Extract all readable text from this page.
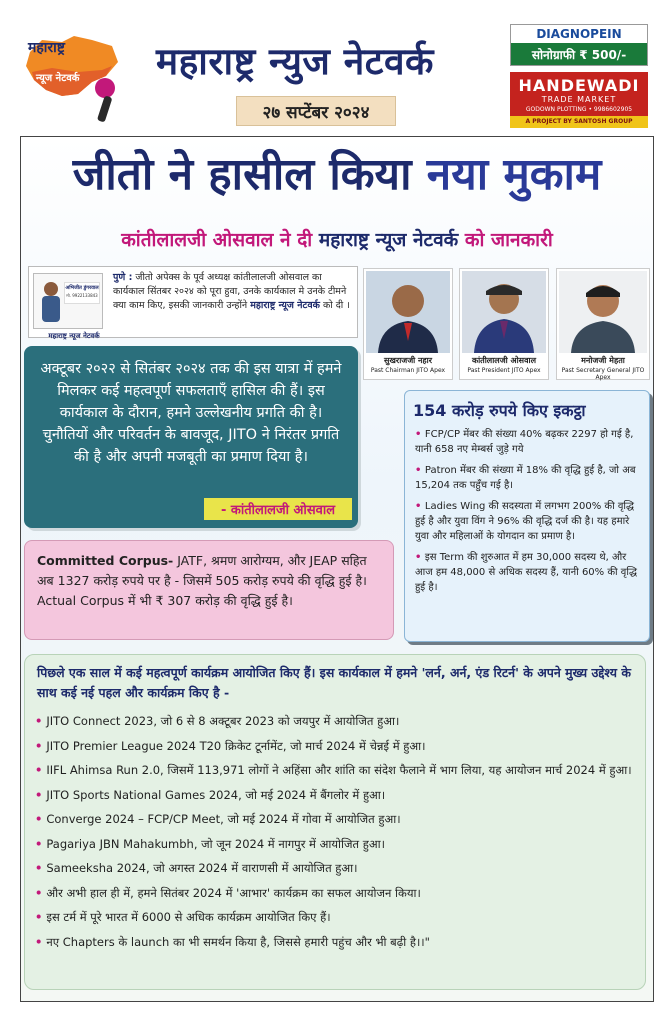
महाराष्ट्र
न्यूज नेटवर्क महाराष्ट्र न्युज नेटवर्क
२७ सप्टेंबर २०२४
DIAGNOPEIN
सोनोग्राफी ₹ 500/-
HANDEWADI
TRADE MARKET
GODOWN PLOTTING • 9986602905
A PROJECT BY SANTOSH GROUP
जीतो ने हासील किया नया मुकाम
कांतीलालजी ओसवाल ने दी महाराष्ट्र न्यूज नेटवर्क को जानकारी
अभिजीत डुंगरवाल
मो. 9922133843
महाराष्ट्र न्यूज नेटवर्क
पुणे : जीतो अपेक्स के पूर्व अध्यक्ष कांतीलालजी ओसवाल का कार्यकाल सिंतबर २०२४ को पूरा हुवा, उनके कार्यकाल मे उनके टीमने क्या काम किए, इसकी जानकारी उन्होंने महाराष्ट्र न्यूज नेटवर्क को दी ।
सुखराजजी नहार
Past Chairman JITO Apex
कांतीलालजी ओसवाल
Past President JITO Apex
मनोजजी मेहता
Past Secretary General JITO Apex
अक्टूबर २०२२ से सितंबर २०२४ तक की इस यात्रा में हमने मिलकर कई महत्वपूर्ण सफलताएँ हासिल की हैं। इस कार्यकाल के दौरान, हमने उल्लेखनीय प्रगति की है। चुनौतियों और परिवर्तन के बावजूद, JITO ने निरंतर प्रगति की है और अपनी मजबूती का प्रमाण दिया है।
- कांतीलालजी ओसवाल
154 करोड़ रुपये किए इकट्ठा
• FCP/CP मेंबर की संख्या 40% बढ़कर 2297 हो गई है, यानी 658 नए मेम्बर्स जुड़े गये
• Patron मेंबर की संख्या में 18% की वृद्धि हुई है, जो अब 15,204 तक पहुँच गई है।
• Ladies Wing की सदस्यता में लगभग 200% की वृद्धि हुई है और युवा विंग ने 96% की वृद्धि दर्ज की है। यह हमारे युवा और महिलाओं के योगदान का प्रमाण है।
• इस Term की शुरुआत में हम 30,000 सदस्य थे, और आज हम 48,000 से अधिक सदस्य हैं, यानी 60% की वृद्धि हुई है।
Committed Corpus- JATF, श्रमण आरोग्यम, और JEAP सहित अब 1327 करोड़ रुपये पर है - जिसमें 505 करोड़ रुपये की वृद्धि हुई है। Actual Corpus में भी ₹ 307 करोड़ की वृद्धि हुई है।
पिछले एक साल में कई महत्वपूर्ण कार्यक्रम आयोजित किए हैं। इस कार्यकाल में हमने 'लर्न, अर्न, एंड रिटर्न' के अपने मुख्य उद्देश्य के साथ कई नई पहल और कार्यक्रम किए है -
• JITO Connect 2023, जो 6 से 8 अक्टूबर 2023 को जयपुर में आयोजित हुआ।
• JITO Premier League 2024 T20 क्रिकेट टूर्नामेंट, जो मार्च 2024 में चेन्नई में हुआ।
• IIFL Ahimsa Run 2.0, जिसमें 113,971 लोगों ने अहिंसा और शांति का संदेश फैलाने में भाग लिया, यह आयोजन मार्च 2024 में हुआ।
• JITO Sports National Games 2024, जो मई 2024 में बैंगलोर में हुआ।
• Converge 2024 – FCP/CP Meet, जो मई 2024 में गोवा में आयोजित हुआ।
• Pagariya JBN Mahakumbh, जो जून 2024 में नागपुर में आयोजित हुआ।
• Sameeksha 2024, जो अगस्त 2024 में वाराणसी में आयोजित हुआ।
• और अभी हाल ही में, हमने सितंबर 2024 में 'आभार' कार्यक्रम का सफल आयोजन किया।
• इस टर्म में पूरे भारत में 6000 से अधिक कार्यक्रम आयोजित किए हैं।
• नए Chapters के launch का भी समर्थन किया है, जिससे हमारी पहुंच और भी बढ़ी है।।"
